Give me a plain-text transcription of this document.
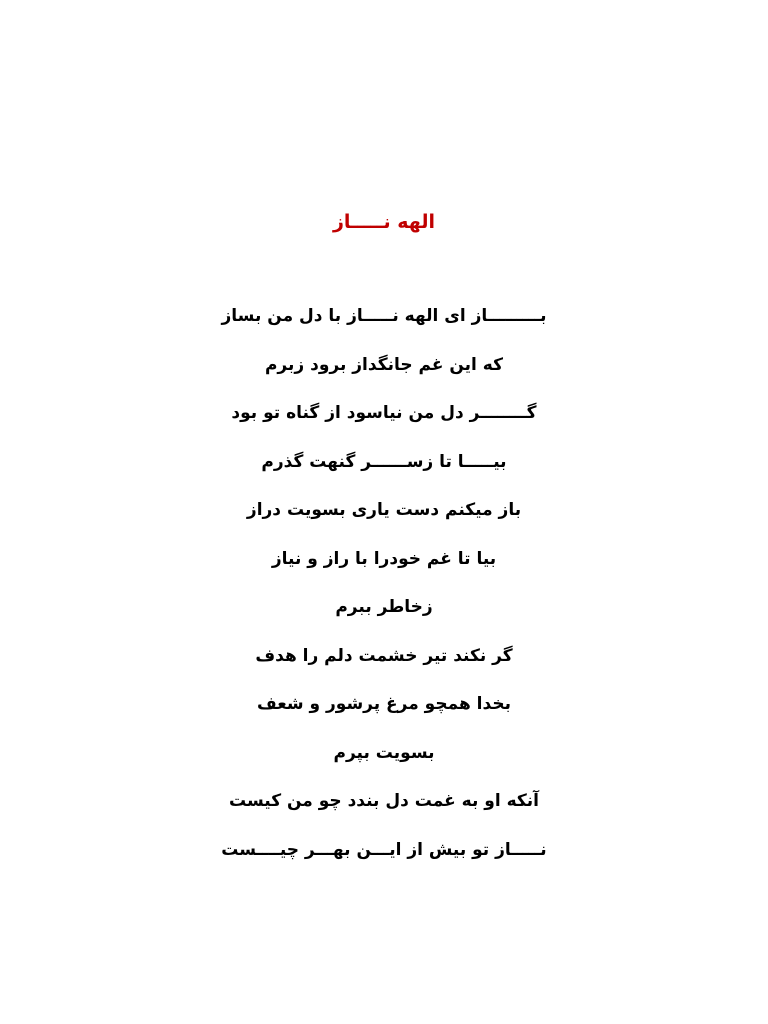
الهه نـــــاز
بـــــــــاز ای الهه نـــــاز با دل من بساز
که این غم جانگداز برود زبرم
گــــــــر دل من نیاسود از گناه تو بود
بیـــــا تا زســــــر گنهت گذرم
باز میکنم دست یاری بسویت دراز
بیا تا غم خودرا با راز و نیاز
زخاطر ببرم
گر نکند تیر خشمت دلم را هدف
بخدا همچو مرغ پرشور و شعف
بسویت بپرم
آنکه او به غمت دل بندد چو من کیست
نـــــاز تو بیش از ایـــن بهـــر چیــــست
